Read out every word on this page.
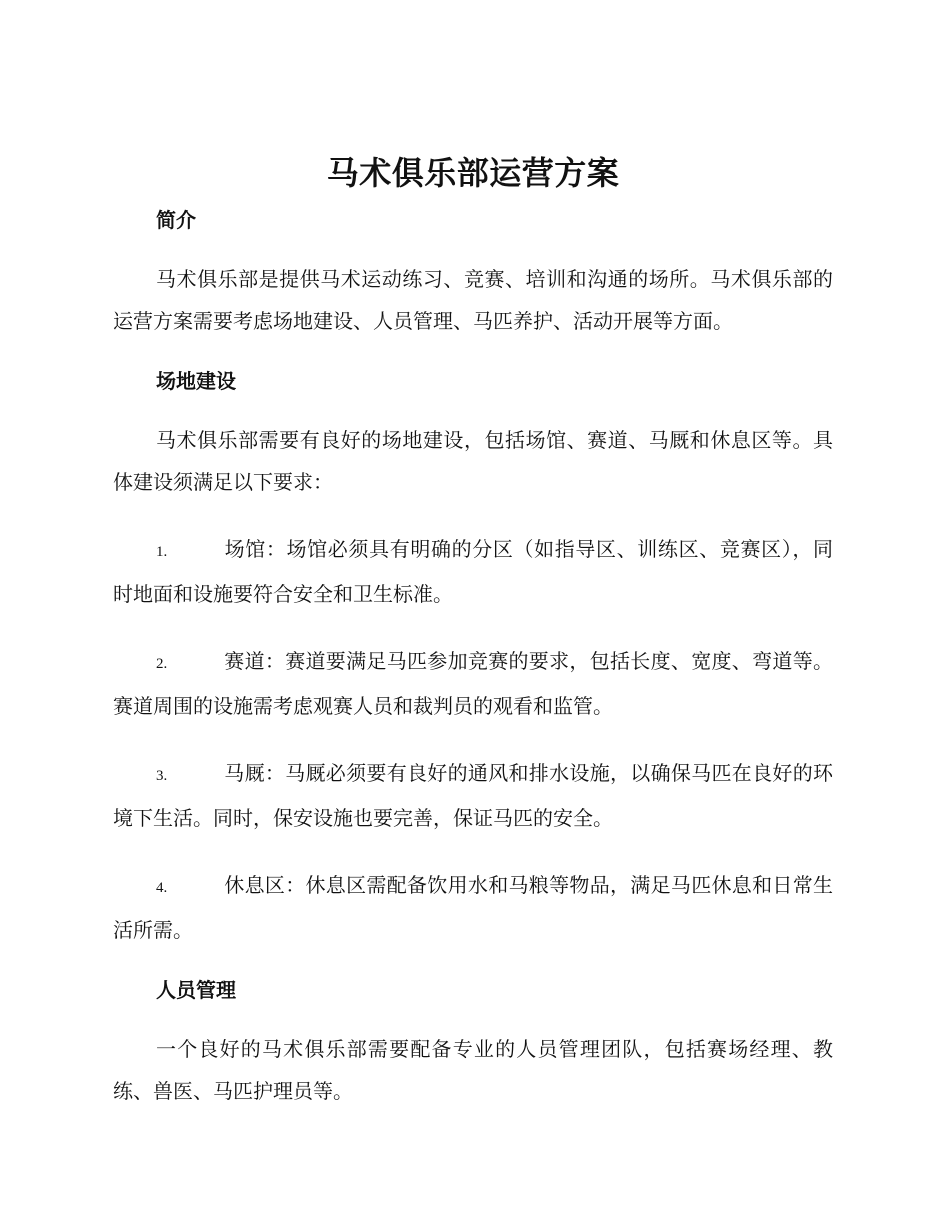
马术俱乐部运营方案
简介

马术俱乐部是提供马术运动练习、竞赛、培训和沟通的场所。马术俱乐部的运营方案需要考虑场地建设、人员管理、马匹养护、活动开展等方面。

场地建设

马术俱乐部需要有良好的场地建设，包括场馆、赛道、马厩和休息区等。具体建设须满足以下要求：

1.	场馆：场馆必须具有明确的分区（如指导区、训练区、竞赛区），同时地面和设施要符合安全和卫生标准。

2.	赛道：赛道要满足马匹参加竞赛的要求，包括长度、宽度、弯道等。赛道周围的设施需考虑观赛人员和裁判员的观看和监管。

3.	马厩：马厩必须要有良好的通风和排水设施，以确保马匹在良好的环境下生活。同时，保安设施也要完善，保证马匹的安全。

4.	休息区：休息区需配备饮用水和马粮等物品，满足马匹休息和日常生活所需。

人员管理

一个良好的马术俱乐部需要配备专业的人员管理团队，包括赛场经理、教练、兽医、马匹护理员等。
